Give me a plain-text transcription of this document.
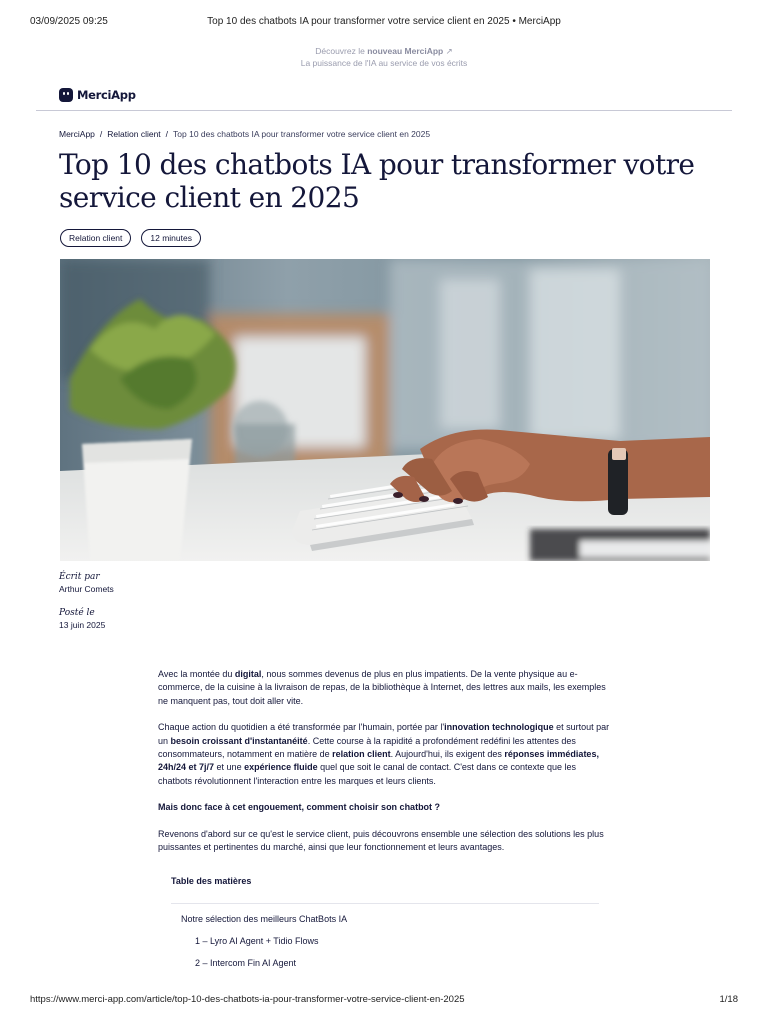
03/09/2025 09:25	Top 10 des chatbots IA pour transformer votre service client en 2025 • MerciApp
Découvrez le nouveau MerciApp ↗
La puissance de l'IA au service de vos écrits
MerciApp
MerciApp / Relation client / Top 10 des chatbots IA pour transformer votre service client en 2025
Top 10 des chatbots IA pour transformer votre service client en 2025
Relation client	12 minutes
Écrit par
Arthur Comets
Posté le
13 juin 2025

Avec la montée du digital, nous sommes devenus de plus en plus impatients. De la vente physique au e-commerce, de la cuisine à la livraison de repas, de la bibliothèque à Internet, des lettres aux mails, les exemples ne manquent pas, tout doit aller vite.

Chaque action du quotidien a été transformée par l'humain, portée par l'innovation technologique et surtout par un besoin croissant d'instantanéité. Cette course à la rapidité a profondément redéfini les attentes des consommateurs, notamment en matière de relation client. Aujourd'hui, ils exigent des réponses immédiates, 24h/24 et 7j/7 et une expérience fluide quel que soit le canal de contact. C'est dans ce contexte que les chatbots révolutionnent l'interaction entre les marques et leurs clients.

Mais donc face à cet engouement, comment choisir son chatbot ?

Revenons d'abord sur ce qu'est le service client, puis découvrons ensemble une sélection des solutions les plus puissantes et pertinentes du marché, ainsi que leur fonctionnement et leurs avantages.

Table des matières
Notre sélection des meilleurs ChatBots IA
1 – Lyro AI Agent + Tidio Flows
2 – Intercom Fin AI Agent
https://www.merci-app.com/article/top-10-des-chatbots-ia-pour-transformer-votre-service-client-en-2025	1/18
